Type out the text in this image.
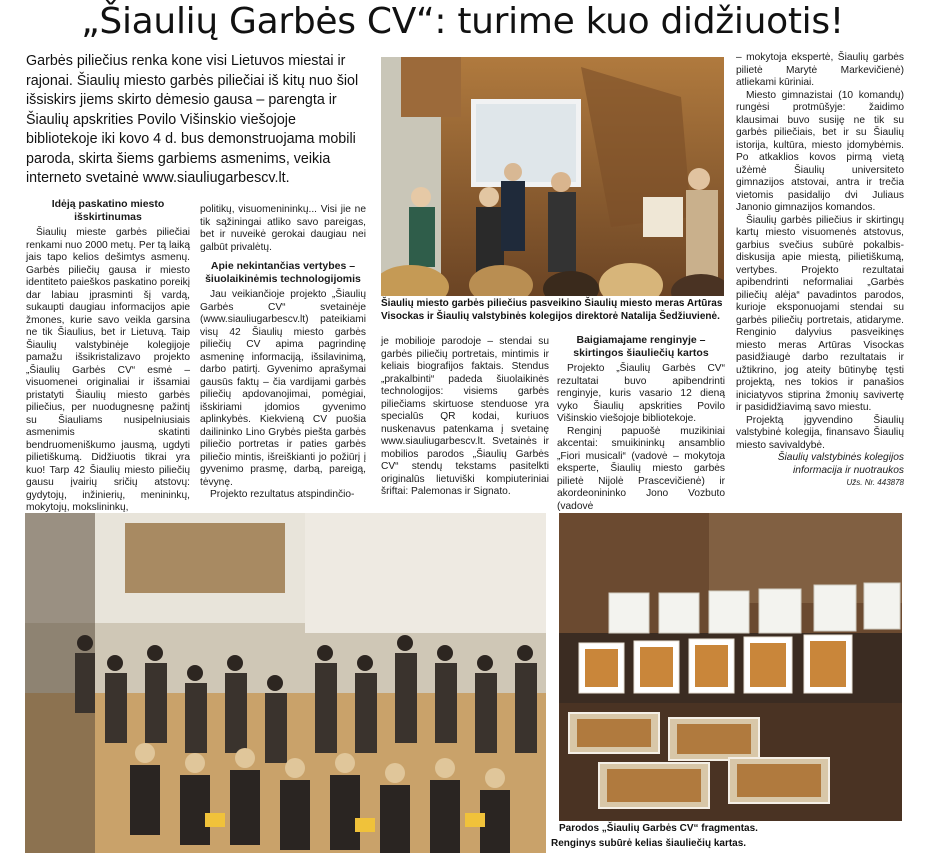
„Šiaulių Garbės CV“: turime kuo didžiuotis!
Garbės piliečius renka kone visi Lietuvos miestai ir rajonai. Šiaulių miesto garbės piliečiai iš kitų nuo šiol išsiskirs jiems skirto dėmesio gausa – parengta ir Šiaulių apskrities Povilo Višinskio viešojoje bibliotekoje iki kovo 4 d. bus demonstruojama mobili paroda, skirta šiems garbiems asmenims, veikia interneto svetainė www.siauliugarbescv.lt.
Idėją paskatino miesto išskirtinumas

Šiaulių mieste garbės piliečiai renkami nuo 2000 metų. Per tą laiką jais tapo kelios dešimtys asmenų. Garbės piliečių gausa ir miesto identiteto paieškos paskatino poreikį dar labiau įprasminti šį vardą, sukaupti daugiau informacijos apie žmones, kurie savo veikla garsina ne tik Šiaulius, bet ir Lietuvą. Taip Šiaulių valstybinėje kolegijoje pamažu išsikristalizavo projekto „Šiaulių Garbės CV“ esmė – visuomenei originaliai ir išsamiai pristatyti Šiaulių miesto garbės piliečius, per nuodugnesnę pažintį su Šiauliams nusipelniusiais asmenimis skatinti bendruomeniškumo jausmą, ugdyti pilietiškumą. Didžiuotis tikrai yra kuo! Tarp 42 Šiaulių miesto piliečių gausu įvairių sričių atstovų: gydytojų, inžinierių, menininkų, mokytojų, mokslininkų,

politikų, visuomenininkų... Visi jie ne tik sąžiningai atliko savo pareigas, bet ir nuveikė gerokai daugiau nei galbūt privalėtų.

Apie nekintančias vertybes – šiuolaikinėmis technologijomis

Jau veikiančioje projekto „Šiaulių Garbės CV“ svetainėje (www.siauliugarbescv.lt) pateikiami visų 42 Šiaulių miesto garbės piliečių CV apima pagrindinę asmeninę informaciją, išsilavinimą, darbo patirtį. Gyvenimo aprašymai gausūs faktų – čia vardijami garbės piliečių apdovanojimai, pomėgiai, išskiriami įdomios gyvenimo aplinkybės. Kiekvieną CV puošia dailininko Lino Grybės piešta garbės piliečio portretas ir paties garbės piliečio mintis, išreiškianti jo požiūrį į gyvenimo prasmę, darbą, pareigą, tėvynę.

Projekto rezultatus atspindinčio-

Šiaulių miesto garbės piliečius pasveikino Šiaulių miesto meras Artūras Visockas ir Šiaulių valstybinės kolegijos direktorė Natalija Šedžiuvienė.

je mobilioje parodoje – stendai su garbės piliečių portretais, mintimis ir keliais biografijos faktais. Stendus „prakalbinti“ padeda šiuolaikinės technologijos: visiems garbės piliečiams skirtuose stenduose yra specialūs QR kodai, kuriuos nuskenavus patenkama į svetainę www.siauliugarbescv.lt. Svetainės ir mobilios parodos „Šiaulių Garbės CV“ stendų tekstams pasitelkti originalūs lietuviški kompiuteriniai šriftai: Palemonas ir Signato.

Baigiamajame renginyje – skirtingos šiauliečių kartos

Projekto „Šiaulių Garbės CV“ rezultatai buvo apibendrinti renginyje, kuris vasario 12 dieną vyko Šiaulių apskrities Povilo Višinskio viešojoje bibliotekoje.

Renginį papuošė muzikiniai akcentai: smuikininkų ansamblio „Fiori musicali“ (vadovė – mokytoja eksperte, Šiaulių miesto garbės pilietė Nijolė Prascevičienė) ir akordeonininko Jono Vozbuto (vadovė

– mokytoja ekspertė, Šiaulių garbės pilietė Marytė Markevičienė) atliekami kūriniai.

Miesto gimnazistai (10 komandų) rungėsi protmūšyje: žaidimo klausimai buvo susiję ne tik su garbės piliečiais, bet ir su Šiaulių istorija, kultūra, miesto įdomybėmis. Po atkaklios kovos pirmą vietą užėmė Šiaulių universiteto gimnazijos atstovai, antra ir trečia vietomis pasidalijo dvi Juliaus Janonio gimnazijos komandos.

Šiaulių garbės piliečius ir skirtingų kartų miesto visuomenės atstovus, garbius svečius subūrė pokalbis-diskusija apie miestą, pilietiškumą, vertybes. Projekto rezultatai apibendrinti neformaliai „Garbės piliečių alėja“ pavadintos parodos, kurioje eksponuojami stendai su garbės piliečių portretais, atidaryme. Renginio dalyvius pasveikinęs miesto meras Artūras Visockas pasidžiaugė darbo rezultatais ir užtikrino, jog ateity būtinybę tęsti projektą, nes tokios ir panašios iniciatyvos stiprina žmonių savivertę ir pasididžiavimą savo miestu.

Projektą įgyvendino Šiaulių valstybinė kolegija, finansavo Šiaulių miesto savivaldybė.

Šiaulių valstybinės kolegijos informacija ir nuotraukos

Užs. Nr. 443878

Parodos „Šiaulių Garbės CV“ fragmentas.
Renginys subūrė kelias šiauliečių kartas.
